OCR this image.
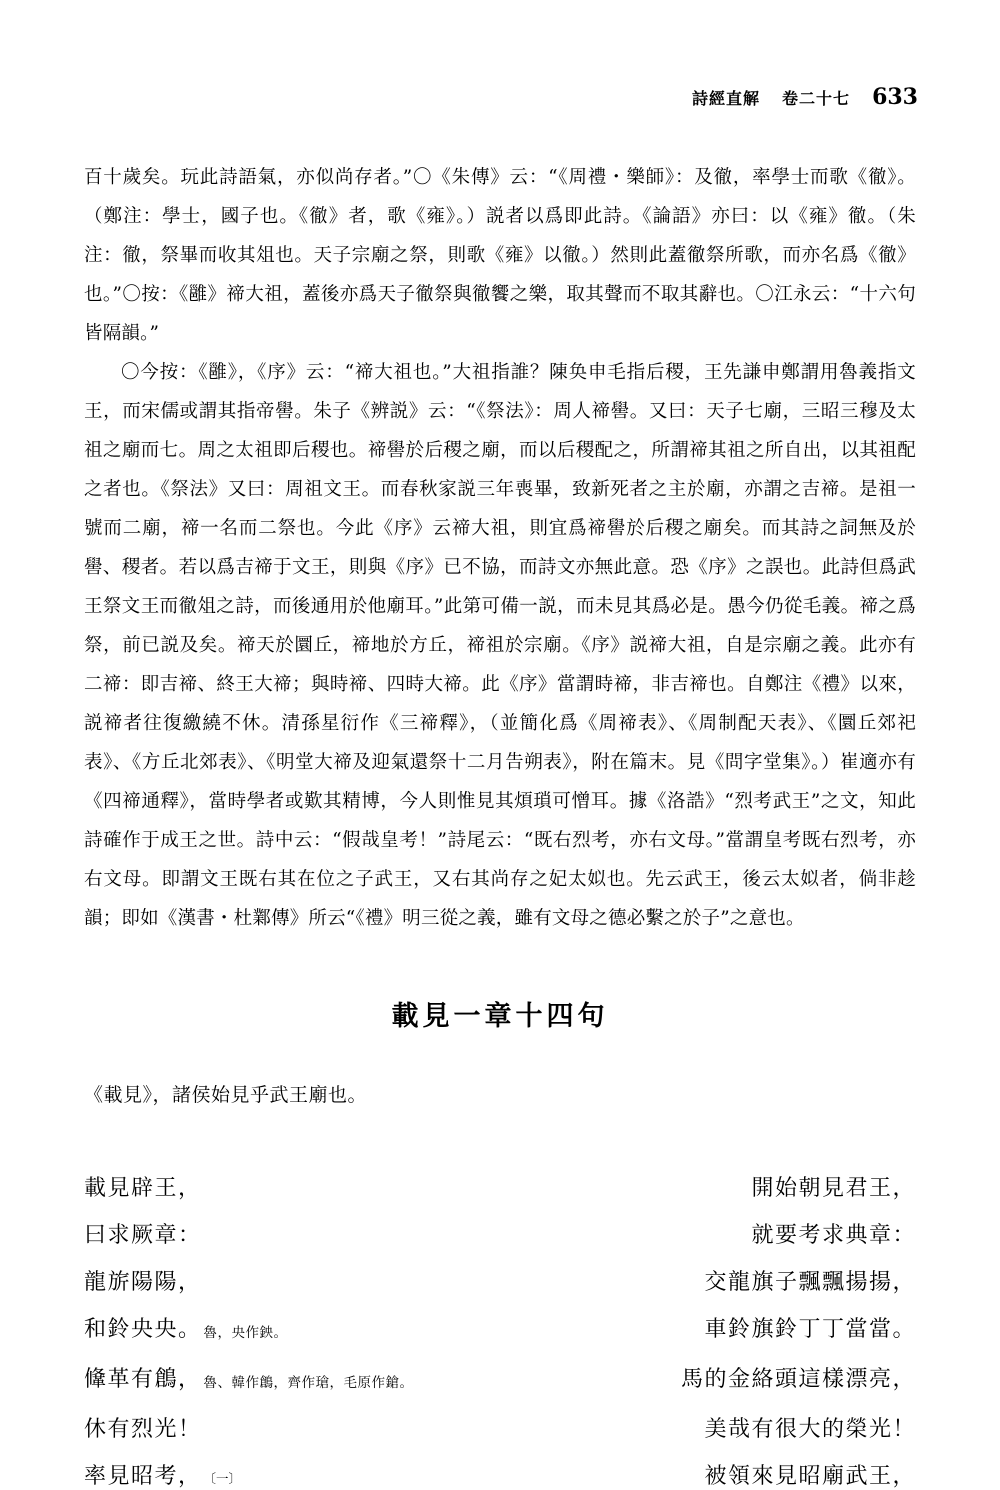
詩經直解 卷二十七 633

百十歲矣。玩此詩語氣，亦似尚存者。”〇《朱傳》云：“《周禮・樂師》：及徹，率學士而歌《徹》。（鄭注：學士，國子也。《徹》者，歌《雍》。）説者以爲即此詩。《論語》亦曰：以《雍》徹。（朱注：徹，祭畢而收其俎也。天子宗廟之祭，則歌《雍》以徹。）然則此蓋徹祭所歌，而亦名爲《徹》也。”〇按：《雝》禘大祖，蓋後亦爲天子徹祭與徹饗之樂，取其聲而不取其辭也。〇江永云：“十六句皆隔韻。”

〇今按：《雝》，《序》云：“禘大祖也。”大祖指誰？陳奂申毛指后稷，王先謙申鄭謂用魯義指文王，而宋儒或謂其指帝嚳。朱子《辨説》云：“《祭法》：周人禘嚳。又曰：天子七廟，三昭三穆及太祖之廟而七。周之太祖即后稷也。禘嚳於后稷之廟，而以后稷配之，所謂禘其祖之所自出，以其祖配之者也。《祭法》又曰：周祖文王。而春秋家説三年喪畢，致新死者之主於廟，亦謂之吉禘。是祖一號而二廟，禘一名而二祭也。今此《序》云禘大祖，則宜爲禘嚳於后稷之廟矣。而其詩之詞無及於嚳、稷者。若以爲吉禘于文王，則與《序》已不協，而詩文亦無此意。恐《序》之誤也。此詩但爲武王祭文王而徹俎之詩，而後通用於他廟耳。”此第可備一説，而未見其爲必是。愚今仍從毛義。禘之爲祭，前已説及矣。禘天於圜丘，禘地於方丘，禘祖於宗廟。《序》説禘大祖，自是宗廟之義。此亦有二禘：即吉禘、終王大禘；與時禘、四時大禘。此《序》當謂時禘，非吉禘也。自鄭注《禮》以來，説禘者往復繳繞不休。清孫星衍作《三禘釋》，（並簡化爲《周禘表》、《周制配天表》、《圜丘郊祀表》、《方丘北郊表》、《明堂大禘及迎氣還祭十二月告朔表》，附在篇末。見《問字堂集》。）崔適亦有《四禘通釋》，當時學者或歎其精博，今人則惟見其煩瑣可憎耳。據《洛誥》“烈考武王”之文，知此詩確作于成王之世。詩中云：“假哉皇考！”詩尾云：“既右烈考，亦右文母。”當謂皇考既右烈考，亦右文母。即謂文王既右其在位之子武王，又右其尚存之妃太姒也。先云武王，後云太姒者，倘非趁韻；即如《漢書・杜鄴傳》所云“《禮》明三從之義，雖有文母之德必繫之於子”之意也。

載見一章十四句

《載見》，諸侯始見乎武王廟也。

載見辟王，	開始朝見君王，
曰求厥章：	就要考求典章：
龍旂陽陽，	交龍旗子飄飄揚揚，
和鈴央央。 魯，央作鉠。	車鈴旗鈴丁丁當當。
鞗革有鶬， 魯、韓作鶬，齊作瑲，毛原作鎗。	馬的金絡頭這樣漂亮，
休有烈光！	美哉有很大的榮光！
率見昭考， 〔一〕	被領來見昭廟武王，
